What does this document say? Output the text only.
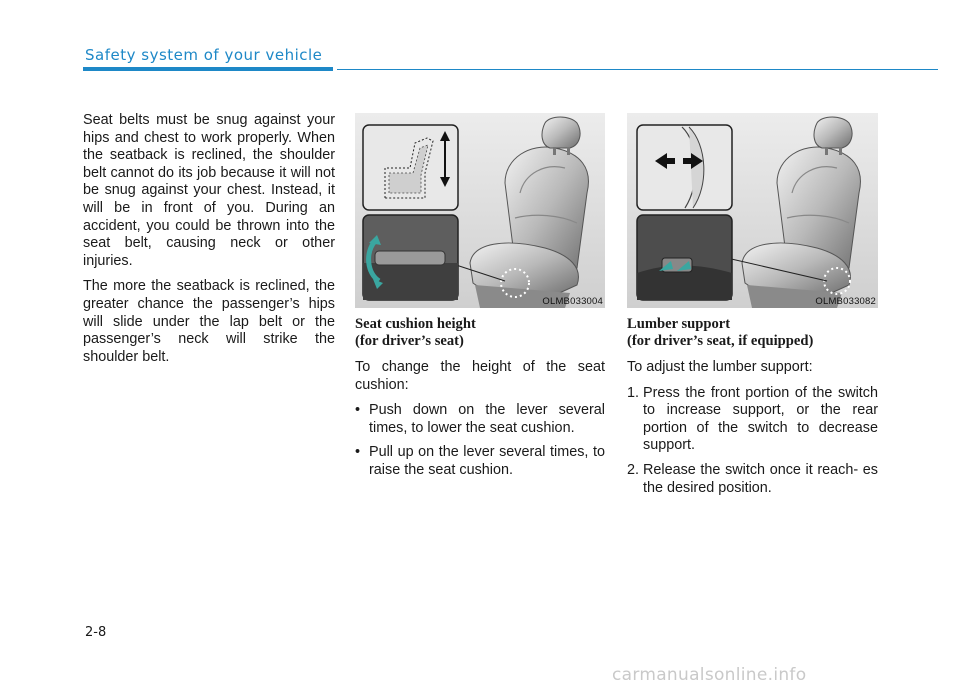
Safety system of your vehicle

Seat belts must be snug against your hips and chest to work properly. When the seatback is reclined, the shoulder belt cannot do its job because it will not be snug against your chest. Instead, it will be in front of you. During an accident, you could be thrown into the seat belt, causing neck or other injuries.

The more the seatback is reclined, the greater chance the passenger’s hips will slide under the lap belt or the passenger’s neck will strike the shoulder belt.

OLMB033004	OLMB033082
Seat cushion height
(for driver’s seat)

To change the height of the seat cushion:

• Push down on the lever several times, to lower the seat cushion.
• Pull up on the lever several times, to raise the seat cushion.
Lumber support
(for driver’s seat, if equipped)

To adjust the lumber support:

1. Press the front portion of the switch to increase support, or the rear portion of the switch to decrease support.
2. Release the switch once it reach- es the desired position.
2-8
carmanualsonline.info
